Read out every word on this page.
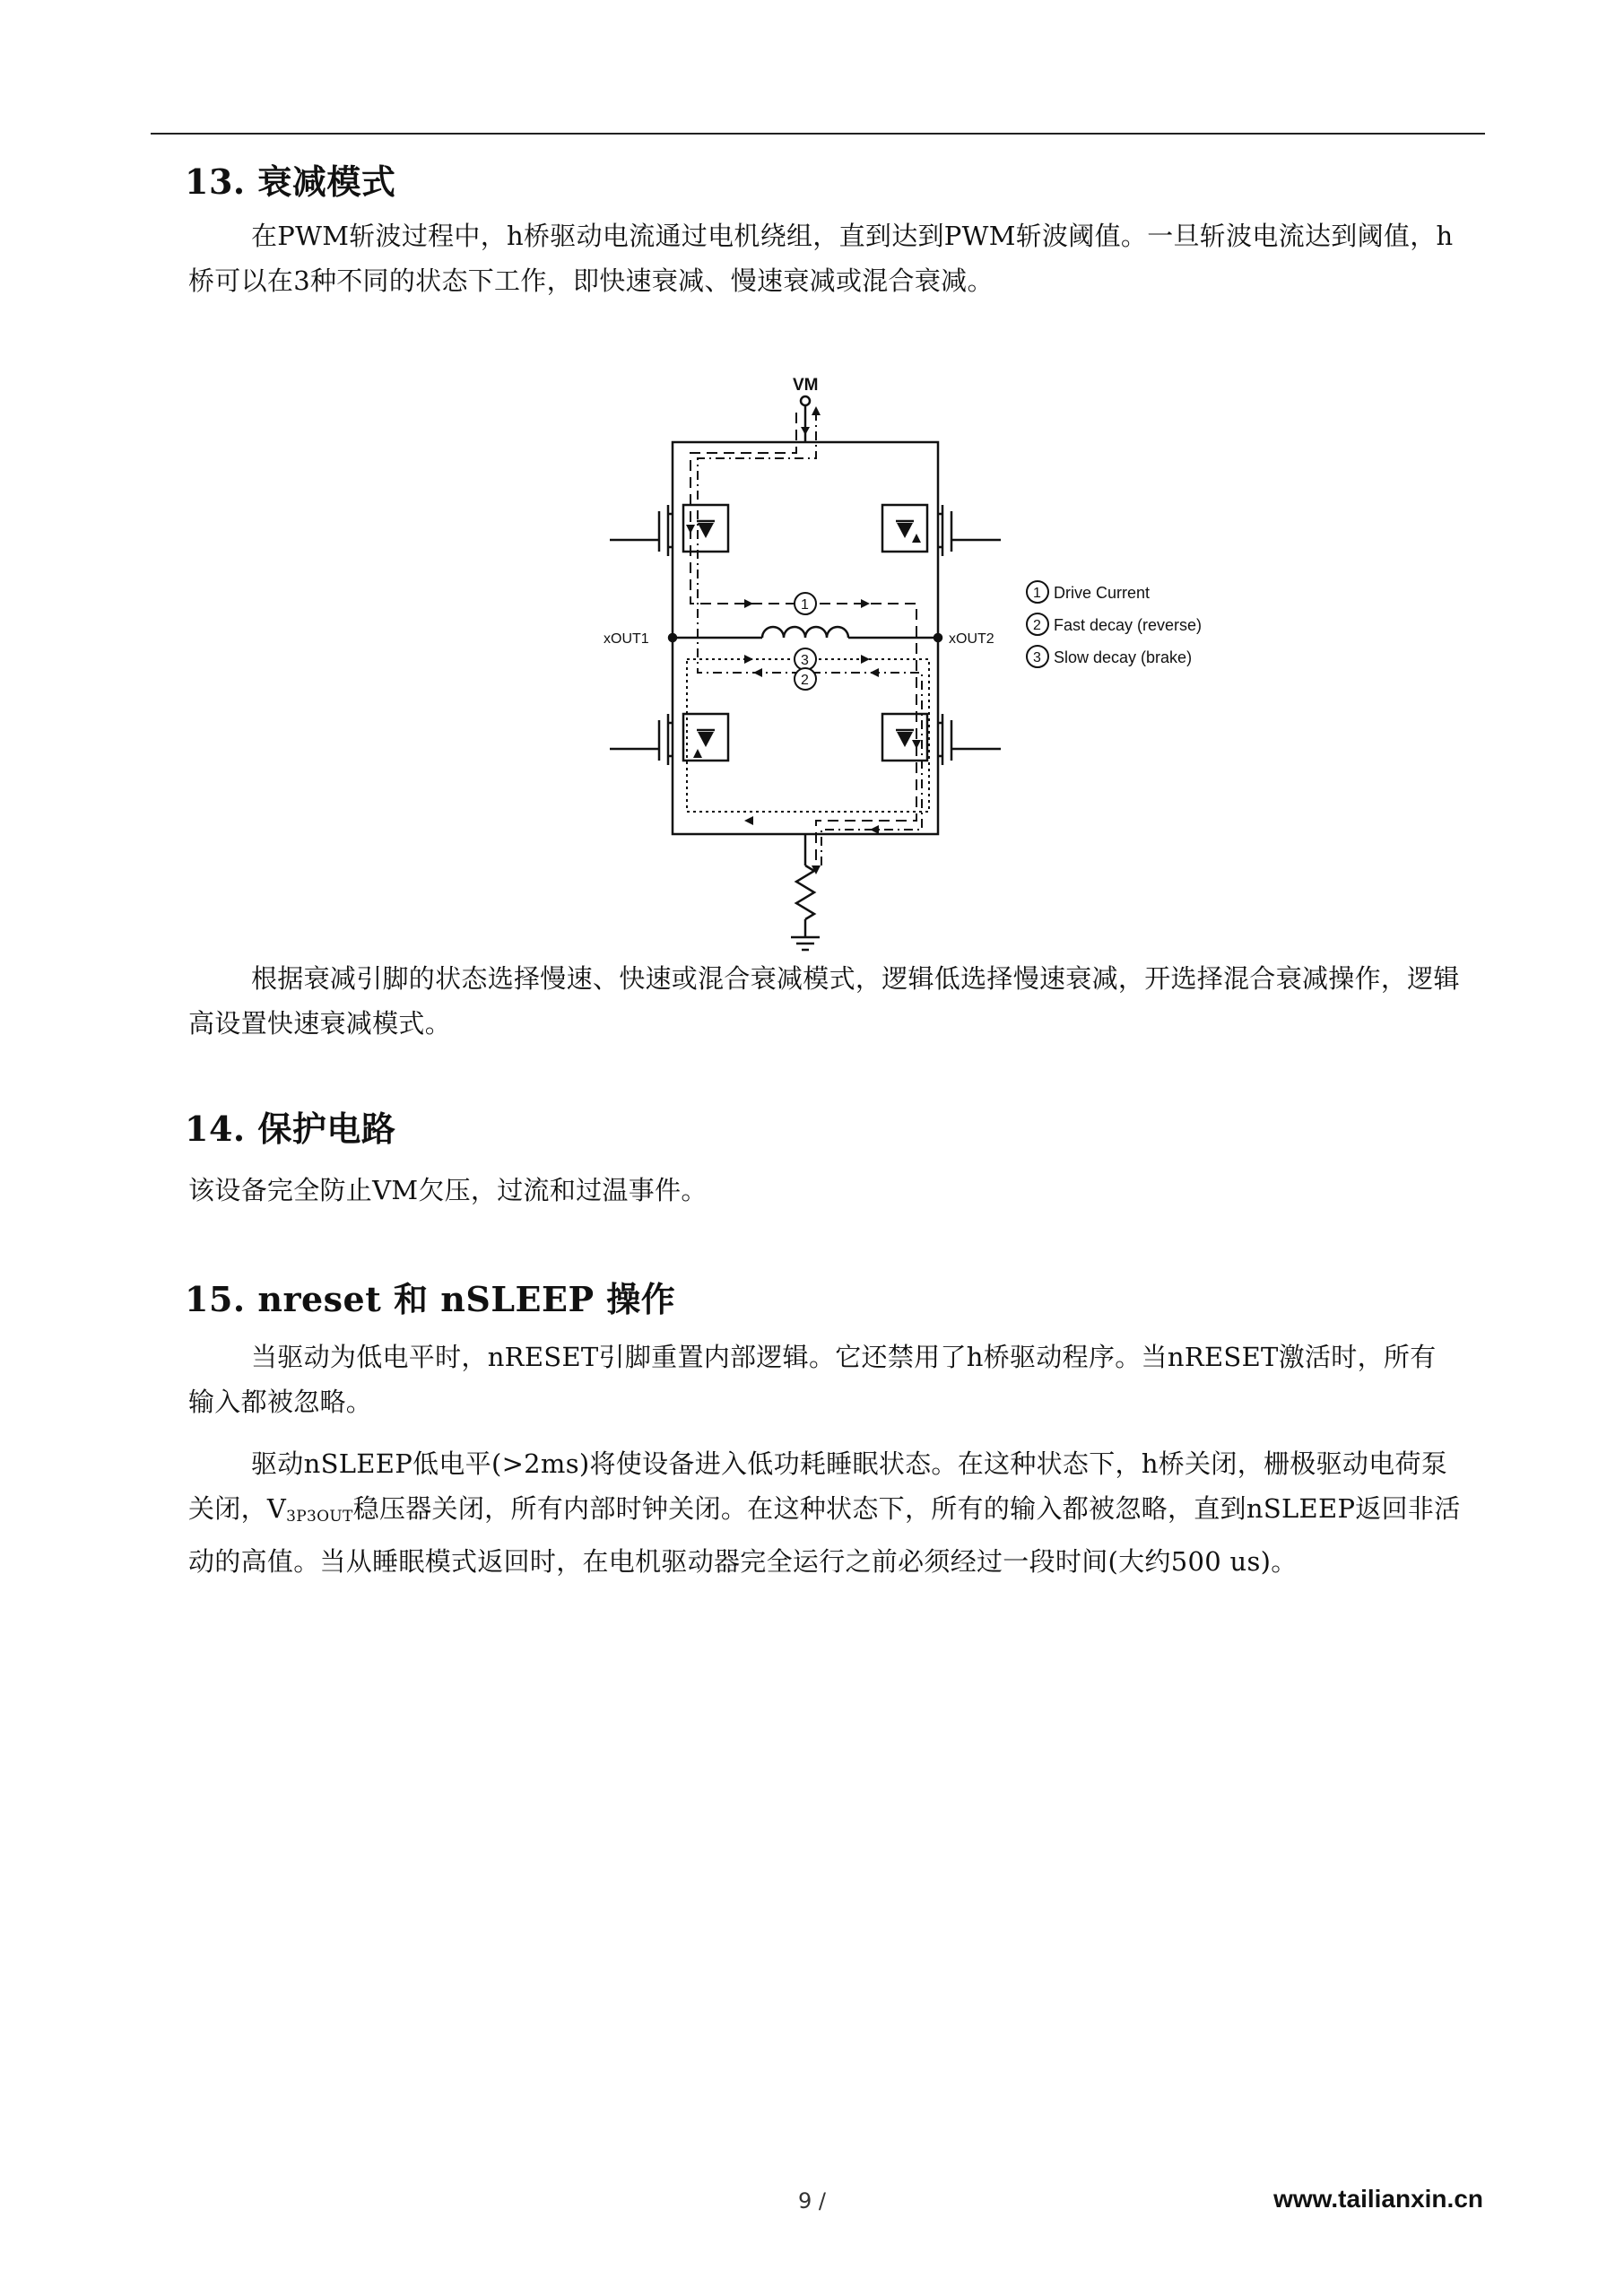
13. 衰减模式

在PWM斩波过程中，h桥驱动电流通过电机绕组，直到达到PWM斩波阈值。一旦斩波电流达到阈值，h桥可以在3种不同的状态下工作，即快速衰减、慢速衰减或混合衰减。

VM
xOUT1	xOUT2
1
3
2
1 Drive Current
2 Fast decay (reverse)
3 Slow decay (brake)

根据衰减引脚的状态选择慢速、快速或混合衰减模式，逻辑低选择慢速衰减，开选择混合衰减操作，逻辑高设置快速衰减模式。

14. 保护电路

该设备完全防止VM欠压，过流和过温事件。

15. nreset 和 nSLEEP 操作

当驱动为低电平时，nRESET引脚重置内部逻辑。它还禁用了h桥驱动程序。当nRESET激活时，所有输入都被忽略。

驱动nSLEEP低电平(>2ms)将使设备进入低功耗睡眠状态。在这种状态下，h桥关闭，栅极驱动电荷泵关闭，$V_{3P3OUT}$稳压器关闭，所有内部时钟关闭。在这种状态下，所有的输入都被忽略，直到nSLEEP返回非活动的高值。当从睡眠模式返回时，在电机驱动器完全运行之前必须经过一段时间(大约500 us)。

9 /	www.tailianxin.cn
